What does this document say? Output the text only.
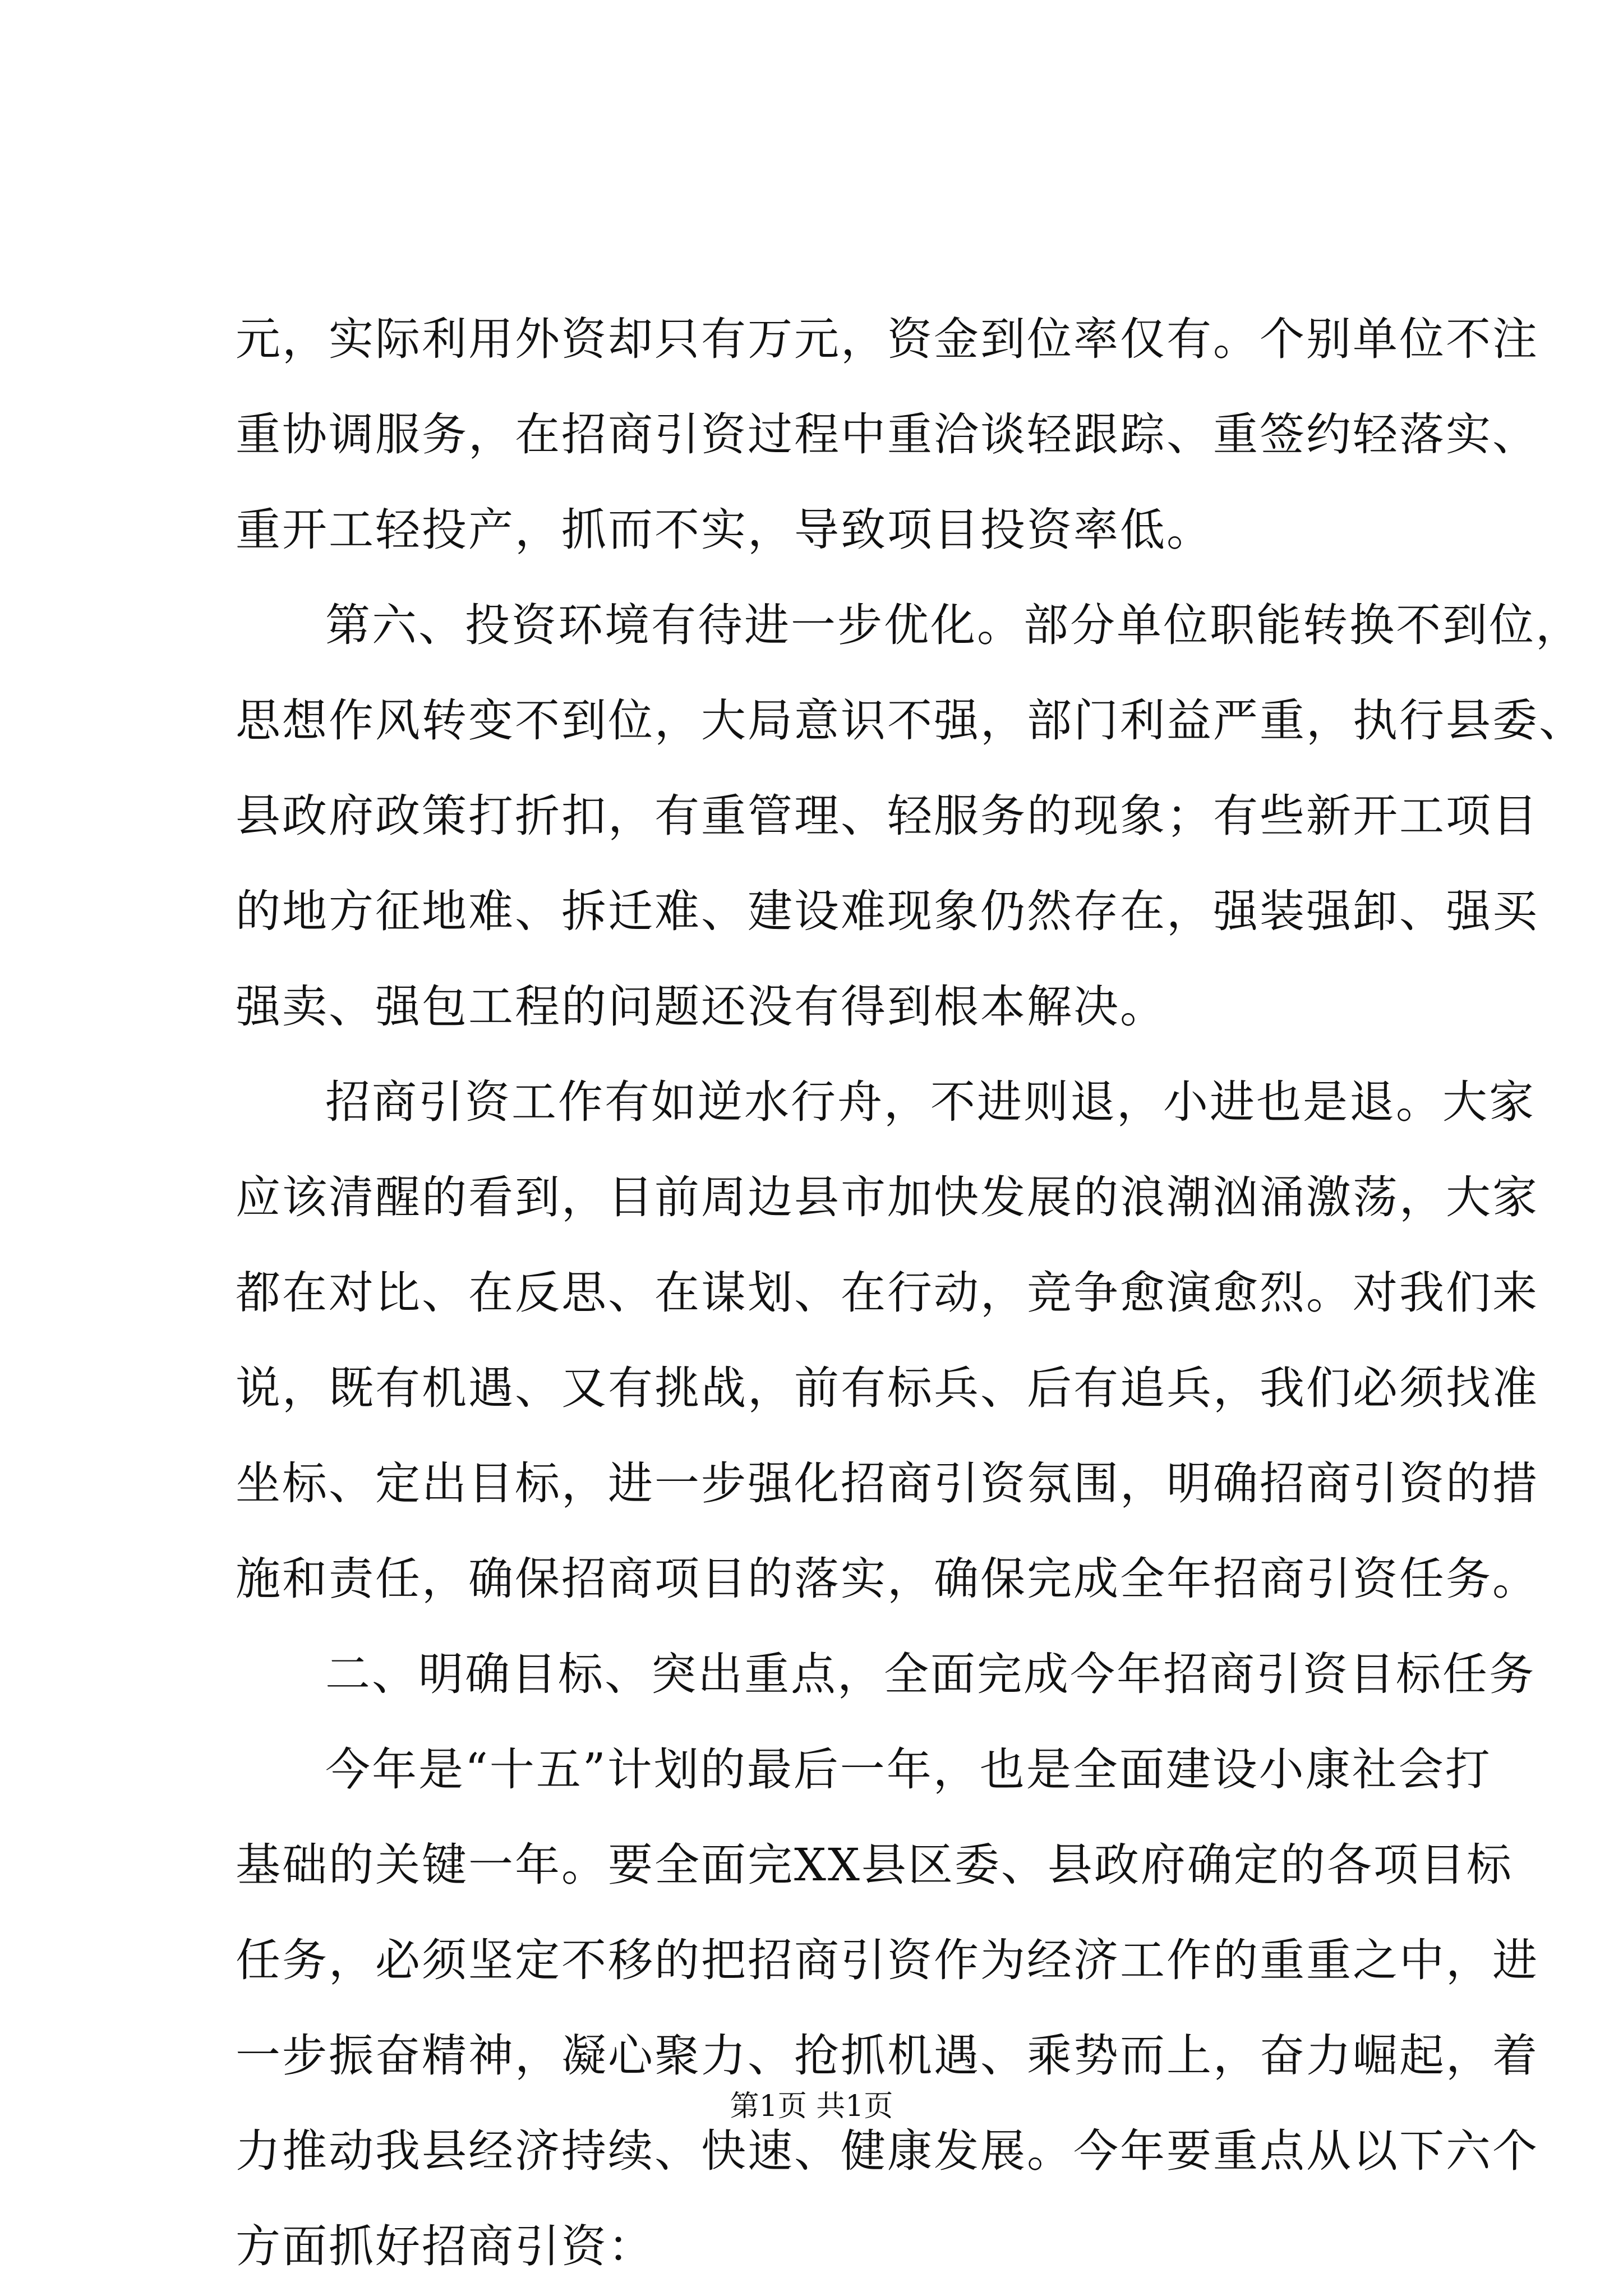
元，实际利用外资却只有万元，资金到位率仅有。个别单位不注
重协调服务，在招商引资过程中重洽谈轻跟踪、重签约轻落实、
重开工轻投产，抓而不实，导致项目投资率低。
第六、投资环境有待进一步优化。部分单位职能转换不到位，
思想作风转变不到位，大局意识不强，部门利益严重，执行县委、
县政府政策打折扣，有重管理、轻服务的现象；有些新开工项目
的地方征地难、拆迁难、建设难现象仍然存在，强装强卸、强买
强卖、强包工程的问题还没有得到根本解决。
招商引资工作有如逆水行舟，不进则退，小进也是退。大家
应该清醒的看到，目前周边县市加快发展的浪潮汹涌激荡，大家
都在对比、在反思、在谋划、在行动，竞争愈演愈烈。对我们来
说，既有机遇、又有挑战，前有标兵、后有追兵，我们必须找准
坐标、定出目标，进一步强化招商引资氛围，明确招商引资的措
施和责任，确保招商项目的落实，确保完成全年招商引资任务。
二、明确目标、突出重点，全面完成今年招商引资目标任务
今年是“十五”计划的最后一年，也是全面建设小康社会打
基础的关键一年。要全面完XX县区委、县政府确定的各项目标
任务，必须坚定不移的把招商引资作为经济工作的重重之中，进
一步振奋精神，凝心聚力、抢抓机遇、乘势而上，奋力崛起，着
力推动我县经济持续、快速、健康发展。今年要重点从以下六个
方面抓好招商引资：
第1页 共1页
